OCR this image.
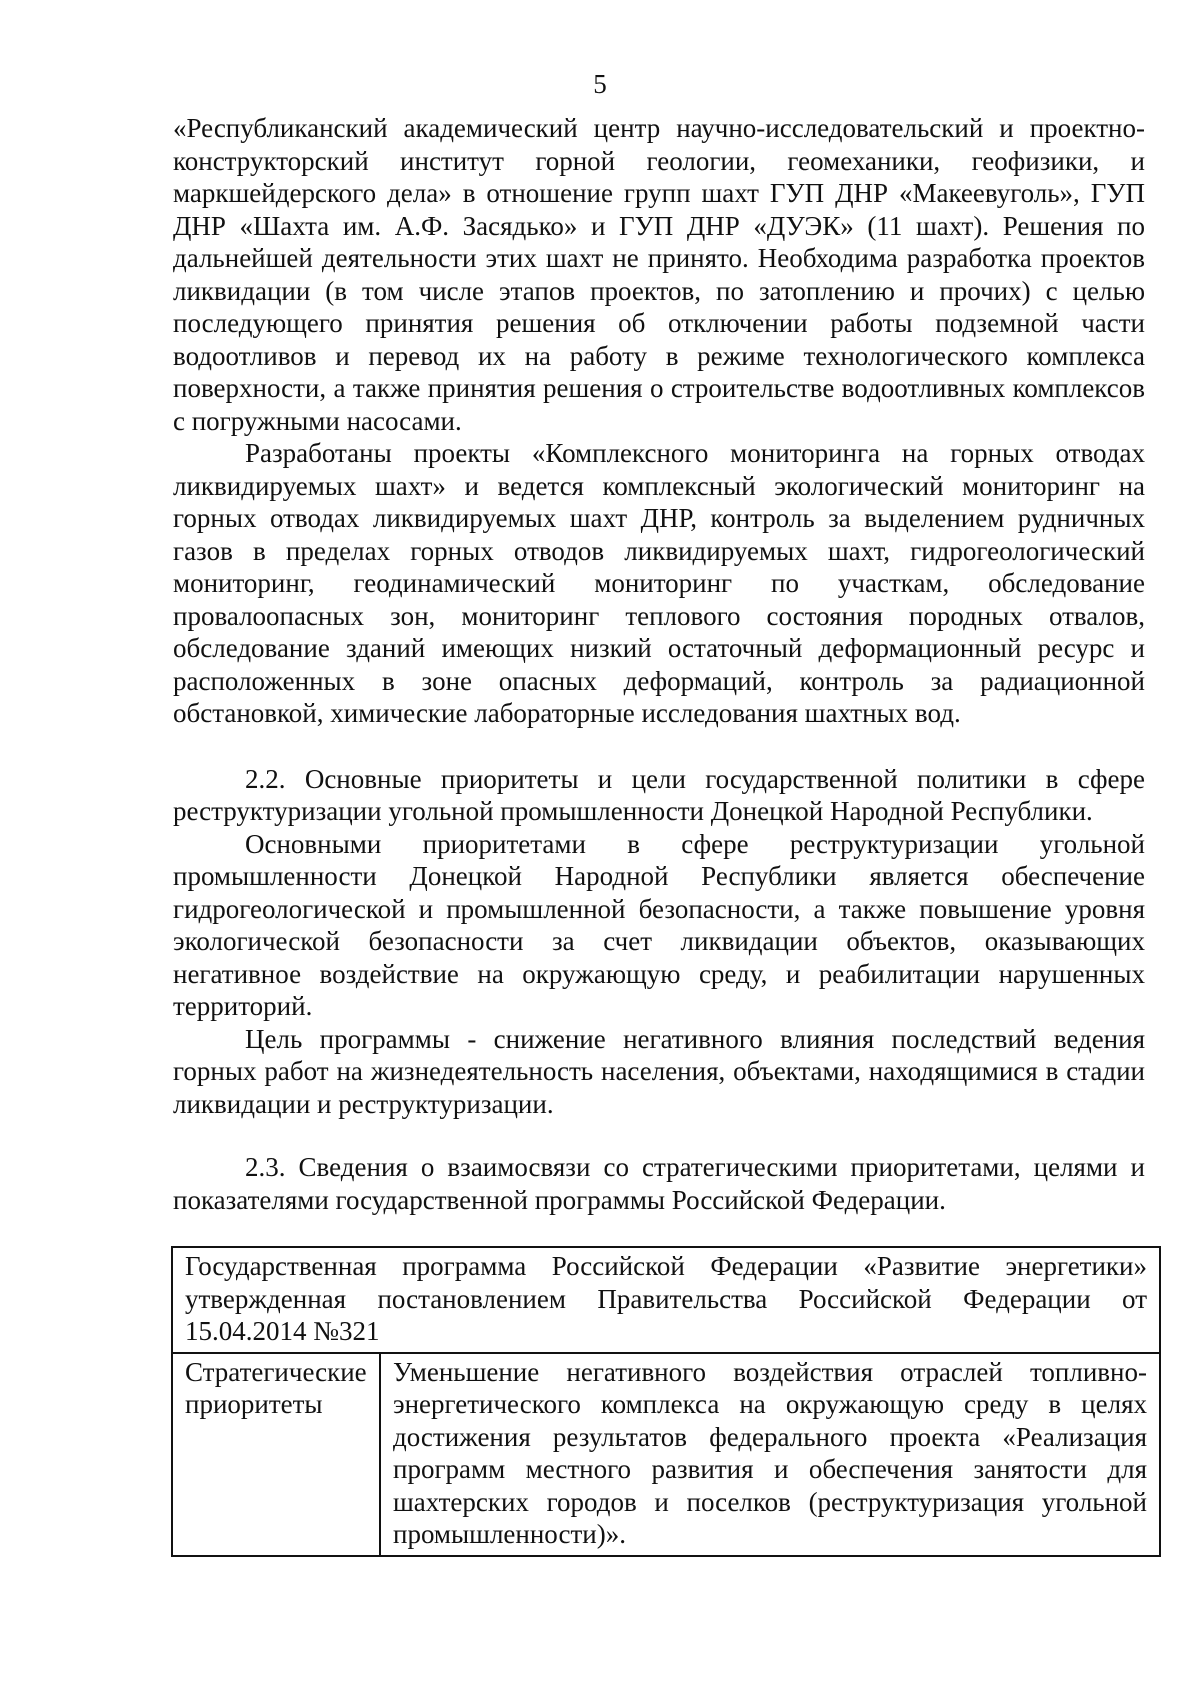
5

«Республиканский академический центр научно-исследовательский и проектно-конструкторский институт горной геологии, геомеханики, геофизики, и маркшейдерского дела» в отношение групп шахт ГУП ДНР «Макеевуголь», ГУП ДНР «Шахта им. А.Ф. Засядько» и ГУП ДНР «ДУЭК» (11 шахт). Решения по дальнейшей деятельности этих шахт не принято. Необходима разработка проектов ликвидации (в том числе этапов проектов, по затоплению и прочих) с целью последующего принятия решения об отключении работы подземной части водоотливов и перевод их на работу в режиме технологического комплекса поверхности, а также принятия решения о строительстве водоотливных комплексов с погружными насосами.

Разработаны проекты «Комплексного мониторинга на горных отводах ликвидируемых шахт» и ведется комплексный экологический мониторинг на горных отводах ликвидируемых шахт ДНР, контроль за выделением рудничных газов в пределах горных отводов ликвидируемых шахт, гидрогеологический мониторинг, геодинамический мониторинг по участкам, обследование провалоопасных зон, мониторинг теплового состояния породных отвалов, обследование зданий имеющих низкий остаточный деформационный ресурс и расположенных в зоне опасных деформаций, контроль за радиационной обстановкой, химические лабораторные исследования шахтных вод.

2.2. Основные приоритеты и цели государственной политики в сфере реструктуризации угольной промышленности Донецкой Народной Республики.

Основными приоритетами в сфере реструктуризации угольной промышленности Донецкой Народной Республики является обеспечение гидрогеологической и промышленной безопасности, а также повышение уровня экологической безопасности за счет ликвидации объектов, оказывающих негативное воздействие на окружающую среду, и реабилитации нарушенных территорий.

Цель программы - снижение негативного влияния последствий ведения горных работ на жизнедеятельность населения, объектами, находящимися в стадии ликвидации и реструктуризации.

2.3. Сведения о взаимосвязи со стратегическими приоритетами, целями и показателями государственной программы Российской Федерации.

Государственная программа Российской Федерации «Развитие энергетики» утвержденная постановлением Правительства Российской Федерации от 15.04.2014 №321
Стратегические приоритеты	Уменьшение негативного воздействия отраслей топливно-энергетического комплекса на окружающую среду в целях достижения результатов федерального проекта «Реализация программ местного развития и обеспечения занятости для шахтерских городов и поселков (реструктуризация угольной промышленности)».
